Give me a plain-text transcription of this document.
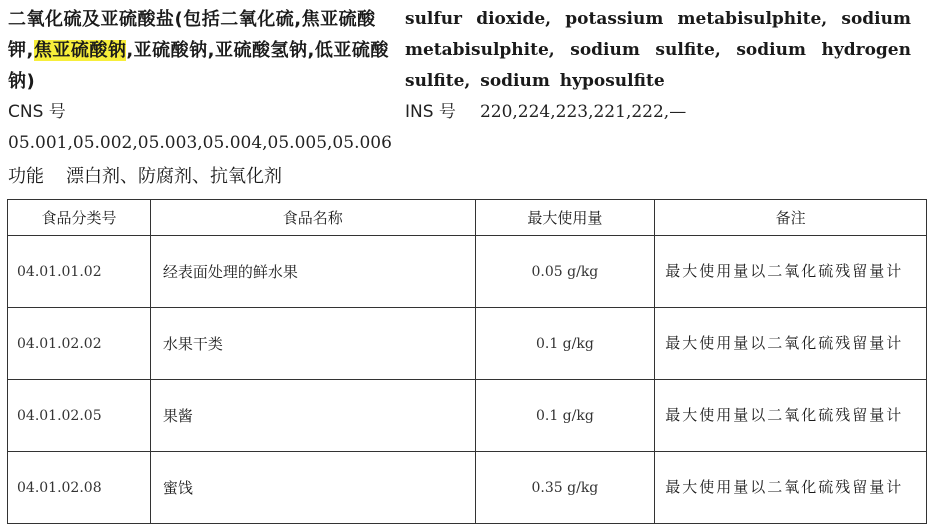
二氧化硫及亚硫酸盐(包括二氧化硫,焦亚硫酸钾,焦亚硫酸钠,亚硫酸钠,亚硫酸氢钠,低亚硫酸钠)
sulfur dioxide, potassium metabisulphite, sodium metabisulphite, sodium sulfite, sodium hydrogen sulfite, sodium hyposulfite
CNS 号05.001,05.002,05.003,05.004,05.005,05.006
INS 号 220,224,223,221,222,—
功能 漂白剂、防腐剂、抗氧化剂
食品分类号	食品名称	最大使用量	备注
04.01.01.02	经表面处理的鲜水果	0.05 g/kg	最大使用量以二氧化硫残留量计
04.01.02.02	水果干类	0.1 g/kg	最大使用量以二氧化硫残留量计
04.01.02.05	果酱	0.1 g/kg	最大使用量以二氧化硫残留量计
04.01.02.08	蜜饯	0.35 g/kg	最大使用量以二氧化硫残留量计
